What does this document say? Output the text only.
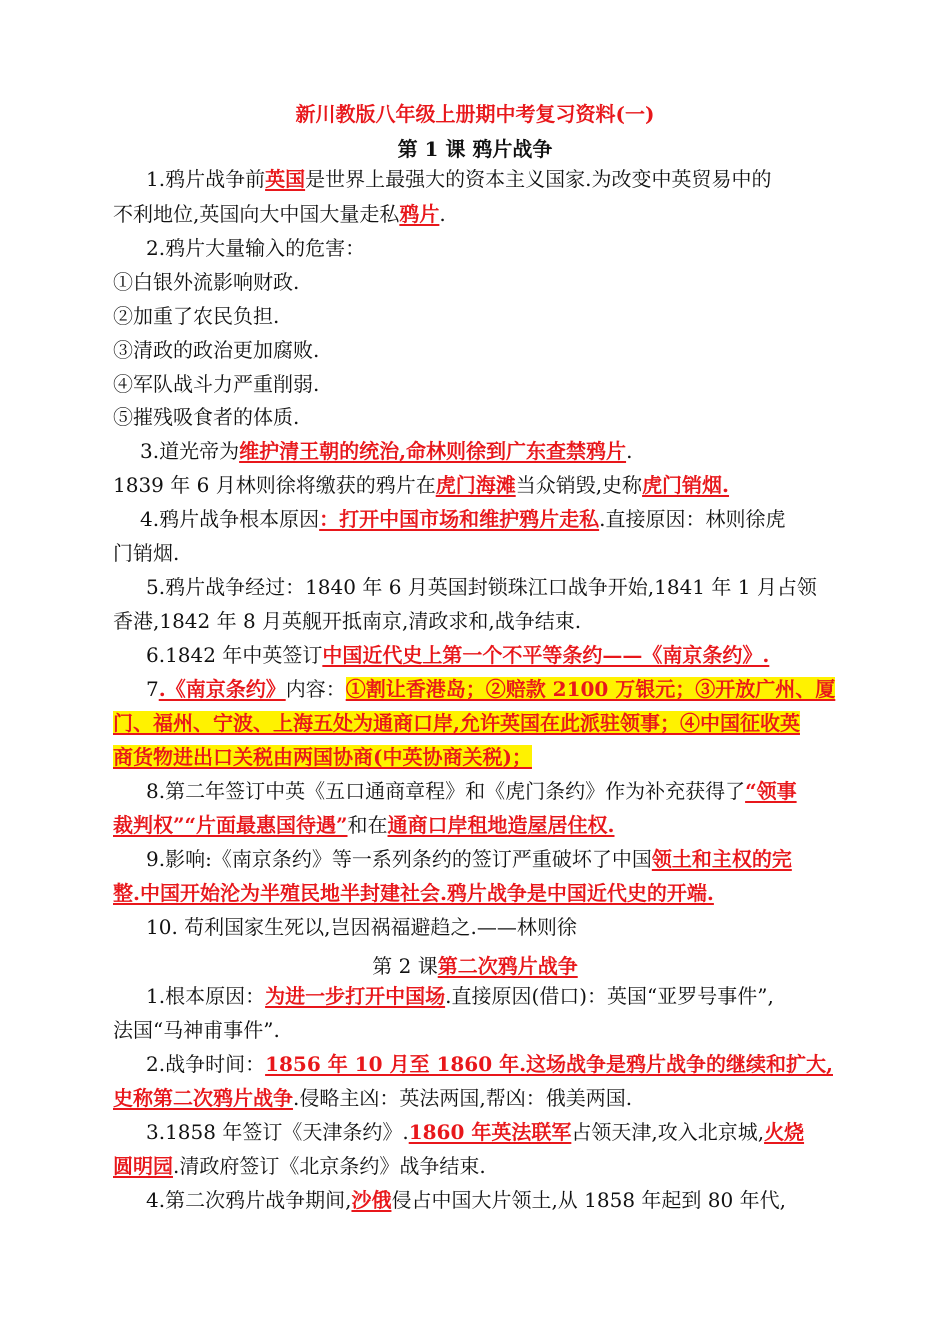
新川教版八年级上册期中考复习资料(一)
第 1 课 鸦片战争
1.鸦片战争前英国是世界上最强大的资本主义国家.为改变中英贸易中的
不利地位,英国向大中国大量走私鸦片.
2.鸦片大量输入的危害：
①白银外流影响财政.
②加重了农民负担.
③清政的政治更加腐败.
④军队战斗力严重削弱.
⑤摧残吸食者的体质.
3.道光帝为维护清王朝的统治,命林则徐到广东查禁鸦片.
1839 年 6 月林则徐将缴获的鸦片在虎门海滩当众销毁,史称虎门销烟.
4.鸦片战争根本原因：打开中国市场和维护鸦片走私.直接原因：林则徐虎
门销烟.
5.鸦片战争经过：1840 年 6 月英国封锁珠江口战争开始,1841 年 1 月占领
香港,1842 年 8 月英舰开抵南京,清政求和,战争结束.
6.1842 年中英签订中国近代史上第一个不平等条约——《南京条约》.
7.《南京条约》内容：①割让香港岛；②赔款 2100 万银元；③开放广州、厦
门、福州、宁波、上海五处为通商口岸,允许英国在此派驻领事；④中国征收英
商货物进出口关税由两国协商(中英协商关税)；
8.第二年签订中英《五口通商章程》和《虎门条约》作为补充获得了“领事
裁判权”“片面最惠国待遇”和在通商口岸租地造屋居住权.
9.影响:《南京条约》等一系列条约的签订严重破坏了中国领土和主权的完
整.中国开始沦为半殖民地半封建社会.鸦片战争是中国近代史的开端.
10. 苟利国家生死以,岂因祸福避趋之.——林则徐
第 2 课第二次鸦片战争
1.根本原因：为进一步打开中国场.直接原因(借口)：英国“亚罗号事件”,
法国“马神甫事件”.
2.战争时间：1856 年 10 月至 1860 年.这场战争是鸦片战争的继续和扩大,
史称第二次鸦片战争.侵略主凶：英法两国,帮凶：俄美两国.
3.1858 年签订《天津条约》.1860 年英法联军占领天津,攻入北京城,火烧
圆明园.清政府签订《北京条约》战争结束.
4.第二次鸦片战争期间,沙俄侵占中国大片领土,从 1858 年起到 80 年代,
